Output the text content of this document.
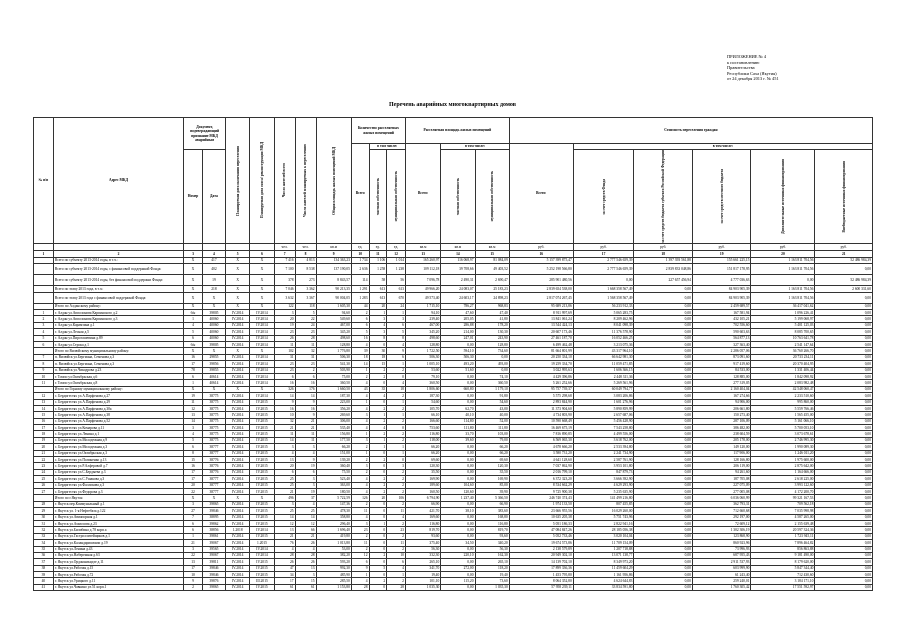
ПРИЛОЖЕНИЕ № 4
к постановлению
Правительства
Республики Саха (Якутия)
от 24 декабря 2013 г. № 451
Перечень аварийных многоквартирных домов
№ п/п	Адрес МКД	Документ, подтверждающий признание МКД аварийным		Планируемая дата окончания переселения	Планируемая дата сноса/ реконструкции МКД	Число жителей всего	Число жителей планируемых к переселению	Общая площадь жилых помещений МКД	Количество расселяемых жилых помещений			Расселяемая площадь жилых помещений			Стоимость переселения граждан					
									Всего	в том числе:		Всего:	в том числе:		Всего:	в том числе:				
		Номер	Дата							частная собственность	муниципальная собственность		частная собственность	муниципальная собственность		за счет средств Фонда	за счет средств бюджета субъекта Российской Федерации	за счет средств местного бюджета	Дополнительные источники финансирования	Внебюджетные источники финансирования

						чел.	чел.	кв.м	ед.	ед.	ед.	кв.м	кв.м	кв.м	руб.	руб.	руб.	руб.	руб.	руб.
1	2	3	4	5	6	7	8	9	10	11	12	13	14	15	16	17	18	19	20	21
	Всего по субъекту 2013-2014 годы, в т.ч.:	X	417	X	X	7 416	4 813	134 363,23	1 734	1 106	1 014	165 260,97	116 068,97	81 084,09	5 157 399 875,47	2 777 546 659,39	1 397 393 561,88	155 661 225,15	1 163 811 704,56	52 486 984,39
	Всего по субъекту 2013-2014 годы, с финансовой поддержкой Фонда:	X	402	X	X	7 100	8 538	137 190,05	2 636	1 258	1 238	109 112,18	39 708,66	49 403,52	5 252 198 566,80	2 777 546 659,39	2 839 833 048,86	151 817 178,95	1 163 811 704,56	0,00
	Всего по субъекту 2013-2014 годы, без финансовой поддержки Фонда:	X	19	X	X	378	273	8 843,57	114	58	56	7 096,78	2 490,31	2 690,47	285 901 480,56	0,00	227 657 456,94	4 777 036,63	0,00	52 486 984,39
	Всего по этапу 2013 года, в т.ч.:	X	218	X	X	7 046	3 362	90 213,35	1 291	613	613	49 966,20	24 083,07	25 183,23	2 839 654 538,00	1 668 358 567,49	0,00	84 903 905,39	1 163 811 704,56	2 600 331,60
	Всего по этапу 2013 года с финансовой поддержкой Фонда:	X	X	X	X	3 632	3 367	90 004,05	1 283	613	670	49 573,40	24 603,17	24 898,23	2 817 074 267,45	1 568 358 567,49	0,00	84 903 905,39	1 163 811 704,56	0,00
	Итого по Алданскому району:	X	X	X	X	122	118	1 605,30	44	20	24	1 715,10	786,27	968,83	95 689 213,86	56 233 912,33	0,00	2 459 689,57	36 417 041,62	0,00
1	г. Алдан ул.Апполонова Карпинского д.2	б/н	39805	IV.2014	IV.2014	3	5	94,60	2	1	1	94,10	47,60	47,40	8 911 997,69	5 065 283,75	0,00	167 581,94	1 096 226,41	0,00
2	г. Алдан ул.Апполонова Карпинского д.3	1	40060	IV.2014	IV.2014	20	22	549,60	6	3	3	239,40	205,05	41,80	13 841 061,24	8 209 462,96	0,00	432 105,21	5 199 068,97	0,00
3	г. Алдан ул.Карамзина д.1	4	40060	IV.2014	IV.2014	19	24	467,00	6	4	6	467,00	286,88	178,20	13 544 424,13	8 041 098,39	0,00	702 556,60	5 401 125,03	0,00
4	г. Алдан ул.Лесная д.5	5	40060	IV.2014	IV.2014	23	23	345,20	5	3	5	345,20	214,00	130,30	20 607 173,46	11 376 578,90	0,00	590 603,63	8 085 700,65	0,00
5	г. Алдан ул.Пирогашевина д.89	6	40060	IV.2014	IV.2014	26	28	498,60	16	8	8	498,60	247,01	243,90	27 461 187,70	16 052 466,25	0,00	564 877,13	10 763 641,78	0,00
6	г. Алдан ул.Строка д.1	б/н	39805	IV.2014	IV.2014	11	11	128,80	4	0	4	128,80	0,00	128,80	6 499 462,48	3 213 075,36	0,00	327 363,40	2 541 147,64	0,00
	Итого по Вилюйскому муниципальному району:	X	X	X	X	102	32	1 776,80	39	30	9	1 722,50	594,10	734,60	81 664 801,99	43 317 964,10	0,00	2 286 057,06	36 760 266,70	0,00
7	п. Вилюйск ул.Бергмана, Семенова д.3	16	29855	IV.2014	IV.2014	31	31	506,30	18	18	6	506,30	506,30	0,00	20 250 334,10	66 642 981,30	0,00	873 091,60	20 733 234,11	0,00
8	п. Вилюйск ул.Бергмана, Семенова д.3	17	39856	IV.2014	IV.2014	23	23	541,30	14	15	1	1 005,10	493,20	493,00	19 259 334,70	11 059 471,85	0,00	917 419,60	20 370 404,95	0,00
9	п. Вилюйск ул.Чикодрова д.23	78	39855	IV.2014	IV.2014	23	2	503,90	1	2	2	53,60	51,60	0,00	3 022 995,63	1 606 366,15	0,00	84 533,00	1 331 406,44	0,00
10	г. Томпо ул.Октябрьская д.6	6	40614	IV.2014	IV.2014	6	6	75,00	2	2	0	79,10	0,00	74,10	4 429 396,86	2 448 311,36	0,00	128 885,00	1 842 098,92	0,00
11	г. Томпо ул.Октябрьская д.8	1	40614	IV.2014	IV.2014	16	16	360,50	4	0	4	360,50	0,00	360,50	5 261 252,66	5 269 561,96	0,00	277 319,05	2 083 982,48	0,00
	Итого по Горному муниципальному району:	X	X	X	X	326	176	1 660,50	43	35	18	1 806,60	660,80	1 179,10	95 757 739,37	60 049 794,77	0,00	2 160 404,04	42 548 060,47	0,00
12	с. Бердигестях ул.А.Парфенова д.27	19	38775	IV.2014	IV.2014	14	14	187,30	4	4	2	187,30	0,00	91,80	5 575 298,68	3 083 206,86	0,00	167 274,66	2 233 510,60	0,00
13	с. Бердигестях ул.А.Парфенова д.29	11	38775	IV.2014	IV.2015	9	9	223,00	1	0	1	54,60	0,00	54,60	2 893 844,90	1 601 276,96	0,00	94 906,00	995 860,00	0,00
14	с. Бердигестях ул.А.Парфенова д.30а	12	38775	IV.2014	IV.2015	16	16	356,20	4	2	2	105,70	62,70	43,00	11 373 904,60	5 890 859,99	0,00	206 661,80	5 559 766,46	0,00
15	с. Бердигестях ул.А.Парфенова д.38	13	38775	IV.2014	IV.2015	10	9	269,60	3	1	1	66,10	40,10	40,00	4 734 803,90	2 657 687,06	0,00	150 273,40	1 565 455,00	0,00
16	с. Бердигестях ул.А.Парфенова д.52	14	38775	IV.2014	IV.2015	32	21	306,00	4	2	2	166,60	114,80	52,00	10 590 668,49	5 456 428,90	0,00	287 106,09	5 161 066,10	0,00
17	с. Бердигестях ул.Комарова д.11	3	38775	IV.2014	IV.2015	21	21	535,40	4	4	0	753,60	111,80	111,80	16 469 675,19	7 543 258,80	0,00	386 482,00	5 700 053,10	0,00
18	с. Бердигестях ул.Ленина д.1	4	38775	IV.2014	IV.2015	11	11	156,80	1	2	2	116,80	33,70	103,00	7 816 890,85	4 499 556,00	0,00	238 604,59	3 073 678,61	0,00
19	с. Бердигестях ул.Молодежная д.9	5	38775	IV.2014	IV.2015	14	11	177,50	3	1	2	118,00	39,60	79,00	6 569 065,30	3 618 762,00	0,00	205 178,00	2 746 995,30	0,00
20	с. Бердигестях ул.Молодежная д.3	6	38777	IV.2014	IV.2015	3	3	66,20	2	1	1	66,20	0,00	66,20	4 678 666,20	2 533 394,80	0,00	149 120,00	1 990 089,30	0,00
21	с. Бердигестях ул.Октябрьская д.3	8	38777	IV.2014	IV.2015	4	4	151,00	1	0	1	66,20	0,00	66,20	3 580 731,20	2 241 734,90	0,00	117 906,00	1 246 011,20	0,00
22	с. Бердигестях ул.Полиненко д.13	15	38776	IV.2014	IV.2015	13	9	139,20	2	2	0	69,60	0,00	69,60	4 641 128,60	2 587 761,90	0,00	128 166,80	1 975 600,00	0,00
23	с. Бердигестях ул.Р.Алферовой д.7	16	38776	IV.2014	IV.2015	20	19	360,40	3	0	3	120,30	0,00	120,30	7 037 862,90	3 953 101,80	0,00	206 119,00	2 875 642,00	0,00
24	с. Бердигестях ул.С.Бердыева д.3	17	38776	IV.2014	IV.2015	6	6	75,50	2	0	2	35,50	0,00	35,50	2 016 799,10	847 879,73	0,00	94 261,60	1 164 666,00	0,00
25	с. Бердигестях ул.С.Ушакова д.3	17	38777	IV.2014	IV.2015	25	3	523,40	4	2	2	169,90	0,00	169,90	6 372 323,20	3 666 392,90	0,00	187 705,08	2 618 225,00	0,00
26	с. Бердигестях ул.Фаллокова д.3	20	38777	IV.2014	IV.2015	25	3	363,00	4	2	2	189,60	104,60	85,00	8 534 662,29	4 629 293,90	0,00	227 075,09	3 993 122,60	0,00
27	с. Бердигестях ул.Федорова д.3	22	38777	IV.2014	IV.2015	21	19	180,50	4	2	2	160,50	120,60	39,90	9 725 900,38	5 235 635,90	0,00	277 005,08	4 172 200,70	0,00
	Итого по г.Якутск:	X	X	X	X	496	37	5 722,59	126	20	106	6 794,90	1 237,40	5 366,50	246 740 374,43	141 499 216,80	0,00	6 036 060,99	99 321 167,53	0,00
28	г. Якутск пер.Коммунальный д.1	3	39865	IV.2014	IV.2015	3	4	147,36	2	0	2	66,90	0,00	66,90	1 974 133,50	807 455,85	0,00	362 793,31	709 562,18	0,00
29	г. Якутск ул. 1-я Нефтебаза д.122	27	39846	IV.2014	IV.2015	25	25	478,30	11	0	11	421,70	38,10	383,60	23 666 955,56	16 029 260,00	0,00	712 660,68	7 035 998,98	0,00
30	г. Якутск ул.Авиапорная д.1	7	38895	IV.2014	IV.2015	14	14	358,80	4	0	4	169,60	0,00	168,80	10 635 205,38	5 751 743,96	0,00	292 197,00	4 587 265,00	0,00
31	г. Якутск ул.Аммосова д.23	6	39862	IV.2014	IV.2015	12	12	296,40	3	1	2	116,80	0,00	116,80	5 051 186,33	2 822 941,16	0,00	72 609,12	2 155 639,48	0,00
32	г. Якутск ул.Билибина д.78 корп.а	6	38856	1.2018	IV.2014	13	66	1 696,40	23	0	23	819,70	0,00	819,70	47 084 847,26	28 185 056,38	0,00	1 302 306,19	20 597 324,36	0,00
33	г. Якутск ул.Гастроллитейщиков д.1	1	39861	IV.2014	IV.2015	21	21	419,80	2	0	2	93,60	0,00	93,60	5 052 733,46	3 020 104,04	0,00	123 868,90	1 723 945,11	0,00
34	г. Якутск ул.Каландаришвили д.19	21	39067	IV.2014	1.2015	76	26	1 013,80	11	0	11	375,40	34,50	340,20	19 674 573,86	11 709 154,09	0,00	860 923,96	7 896 464,82	0,00
35	г. Якутск ул.Ленина д.43	3	39565	IV.2014	IV.2014	4	4	53,00	2	0	2	56,30	0,00	56,30	2 138 579,89	1 207 718,88	0,00	73 996,93	856 863,88	0,00
36	г. Якутск ул.Набережная д.63	22	39067	IV.2014	IV.2014	28	28	382,20	12	2	10	332,30	220,10	162,30	20 949 302,10	13 071 138,77	0,00	687 955,43	9 181 490,00	0,00
37	г. Якутск ул.Орджоникидзе д.11	13	39811	IV.2014	IV.2015	26	26	593,20	6	0	6	265,10	0,00	265,10	14 139 702,10	8 349 973,20	0,00	2 911 537,93	8 179 620,00	0,00
38	г. Якутск ул.Рабочая д.15	17	39846	IV.2014	IV.2015	47	13	992,30	9	5	4	341,70	272,00	118,20	17 899 336,36	11 459 604,29	0,00	603 999,90	5 847 344,40	0,00
39	г. Якутск ул.Рабочая д.72	10	39846	IV.2014	IV.2015	34	3	485,90	1	0	1	19,40	0,00	19,40	1 453 795,80	1 161 956,86	0,00	61 243,40	712 430,60	0,00
40	г. Якутск ул.Урицкого д.11	9	39876	IV.2014	III.2015	17	15	285,50	4	2	2	101,10	115,20	73,60	8 064 352,80	4 624 644,83	0,00	259 240,01	3 184 171,10	0,00
41	г. Якутск ул.Чавкино ул.51 корп.1	2	39865	IV.2014	IV.2015	61	61	1 153,80	28	0	28	1 035,30	0,00	1 035,30	57 958 239,11	33 834 591,80	0,00	1 760 305,42	17 551 592,97	0,00
